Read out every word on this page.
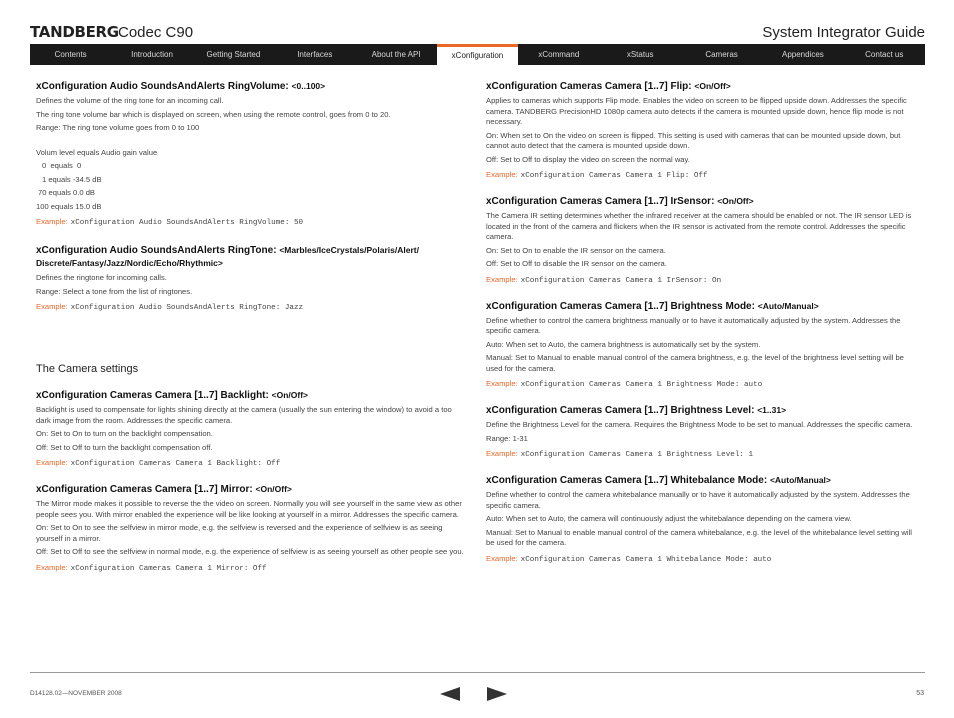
TANDBERG Codec C90	System Integrator Guide
Contents	Introduction	Getting Started	Interfaces	About the API	xConfiguration	xCommand	xStatus	Cameras	Appendices	Contact us
xConfiguration Audio SoundsAndAlerts RingVolume: <0..100>
Defines the volume of the ring tone for an incoming call.
The ring tone volume bar which is displayed on screen, when using the remote control, goes from 0 to 20.
Range: The ring tone volume goes from 0 to 100
Volum level equals Audio gain value
0  equals  0
1 equals -34.5 dB
70 equals 0.0 dB
100 equals 15.0 dB
Example: xConfiguration Audio SoundsAndAlerts RingVolume: 50
xConfiguration Audio SoundsAndAlerts RingTone: <Marbles/IceCrystals/Polaris/Alert/ Discrete/Fantasy/Jazz/Nordic/Echo/Rhythmic>
Defines the ringtone for incoming calls.
Range: Select a tone from the list of ringtones.
Example: xConfiguration Audio SoundsAndAlerts RingTone: Jazz
The Camera settings
xConfiguration Cameras Camera [1..7] Backlight: <On/Off>
Backlight is used to compensate for lights shining directly at the camera (usually the sun entering the window) to avoid a too dark image from the room. Addresses the specific camera.
On: Set to On to turn on the backlight compensation.
Off: Set to Off to turn the backlight compensation off.
Example: xConfiguration Cameras Camera 1 Backlight: Off
xConfiguration Cameras Camera [1..7] Mirror: <On/Off>
The Mirror mode makes it possible to reverse the the video on screen. Normally you will see yourself in the same view as other people sees you. With mirror enabled the experience will be like looking at yourself in a mirror. Addresses the specific camera.
On: Set to On to see the selfview in mirror mode, e.g. the selfview is reversed and the experience of selfview is as seeing yourself in a mirror.
Off: Set to Off to see the selfview in normal mode, e.g. the experience of selfview is as seeing yourself as other people see you.
Example: xConfiguration Cameras Camera 1 Mirror: Off
xConfiguration Cameras Camera [1..7] Flip: <On/Off>
Applies to cameras which supports Flip mode. Enables the video on screen to be flipped upside down. Addresses the specific camera. TANDBERG PrecisionHD 1080p camera auto detects if the camera is mounted upside down, hence flip mode is not necessary.
On: When set to On the video on screen is flipped. This setting is used with cameras that can be mounted upside down, but cannot auto detect that the camera is mounted upside down.
Off: Set to Off to display the video on screen the normal way.
Example: xConfiguration Cameras Camera 1 Flip: Off
xConfiguration Cameras Camera [1..7] IrSensor: <On/Off>
The Camera IR setting determines whether the infrared receiver at the camera should be enabled or not. The IR sensor LED is located in the front of the camera and flickers when the IR sensor is activated from the remote control. Addresses the specific camera.
On: Set to On to enable the IR sensor on the camera.
Off: Set to Off to disable the IR sensor on the camera.
Example: xConfiguration Cameras Camera 1 IrSensor: On
xConfiguration Cameras Camera [1..7] Brightness Mode: <Auto/Manual>
Define whether to control the camera brightness manually or to have it automatically adjusted by the system. Addresses the specific camera.
Auto: When set to Auto, the camera brightness is automatically set by the system.
Manual: Set to Manual to enable manual control of the camera brightness, e.g. the level of the brightness level setting will be used for the camera.
Example: xConfiguration Cameras Camera 1 Brightness Mode: auto
xConfiguration Cameras Camera [1..7] Brightness Level: <1..31>
Define the Brightness Level for the camera. Requires the Brightness Mode to be set to manual. Addresses the specific camera.
Range: 1-31
Example: xConfiguration Cameras Camera 1 Brightness Level: 1
xConfiguration Cameras Camera [1..7] Whitebalance Mode: <Auto/Manual>
Define whether to control the camera whitebalance manually or to have it automatically adjusted by the system. Addresses the specific camera.
Auto: When set to Auto, the camera will continuously adjust the whitebalance depending on the camera view.
Manual: Set to Manual to enable manual control of the camera whitebalance, e.g. the level of the whitebalance level setting will be used for the camera.
Example: xConfiguration Cameras Camera 1 Whitebalance Mode: auto
D14128.02—NOVEMBER 2008	53
